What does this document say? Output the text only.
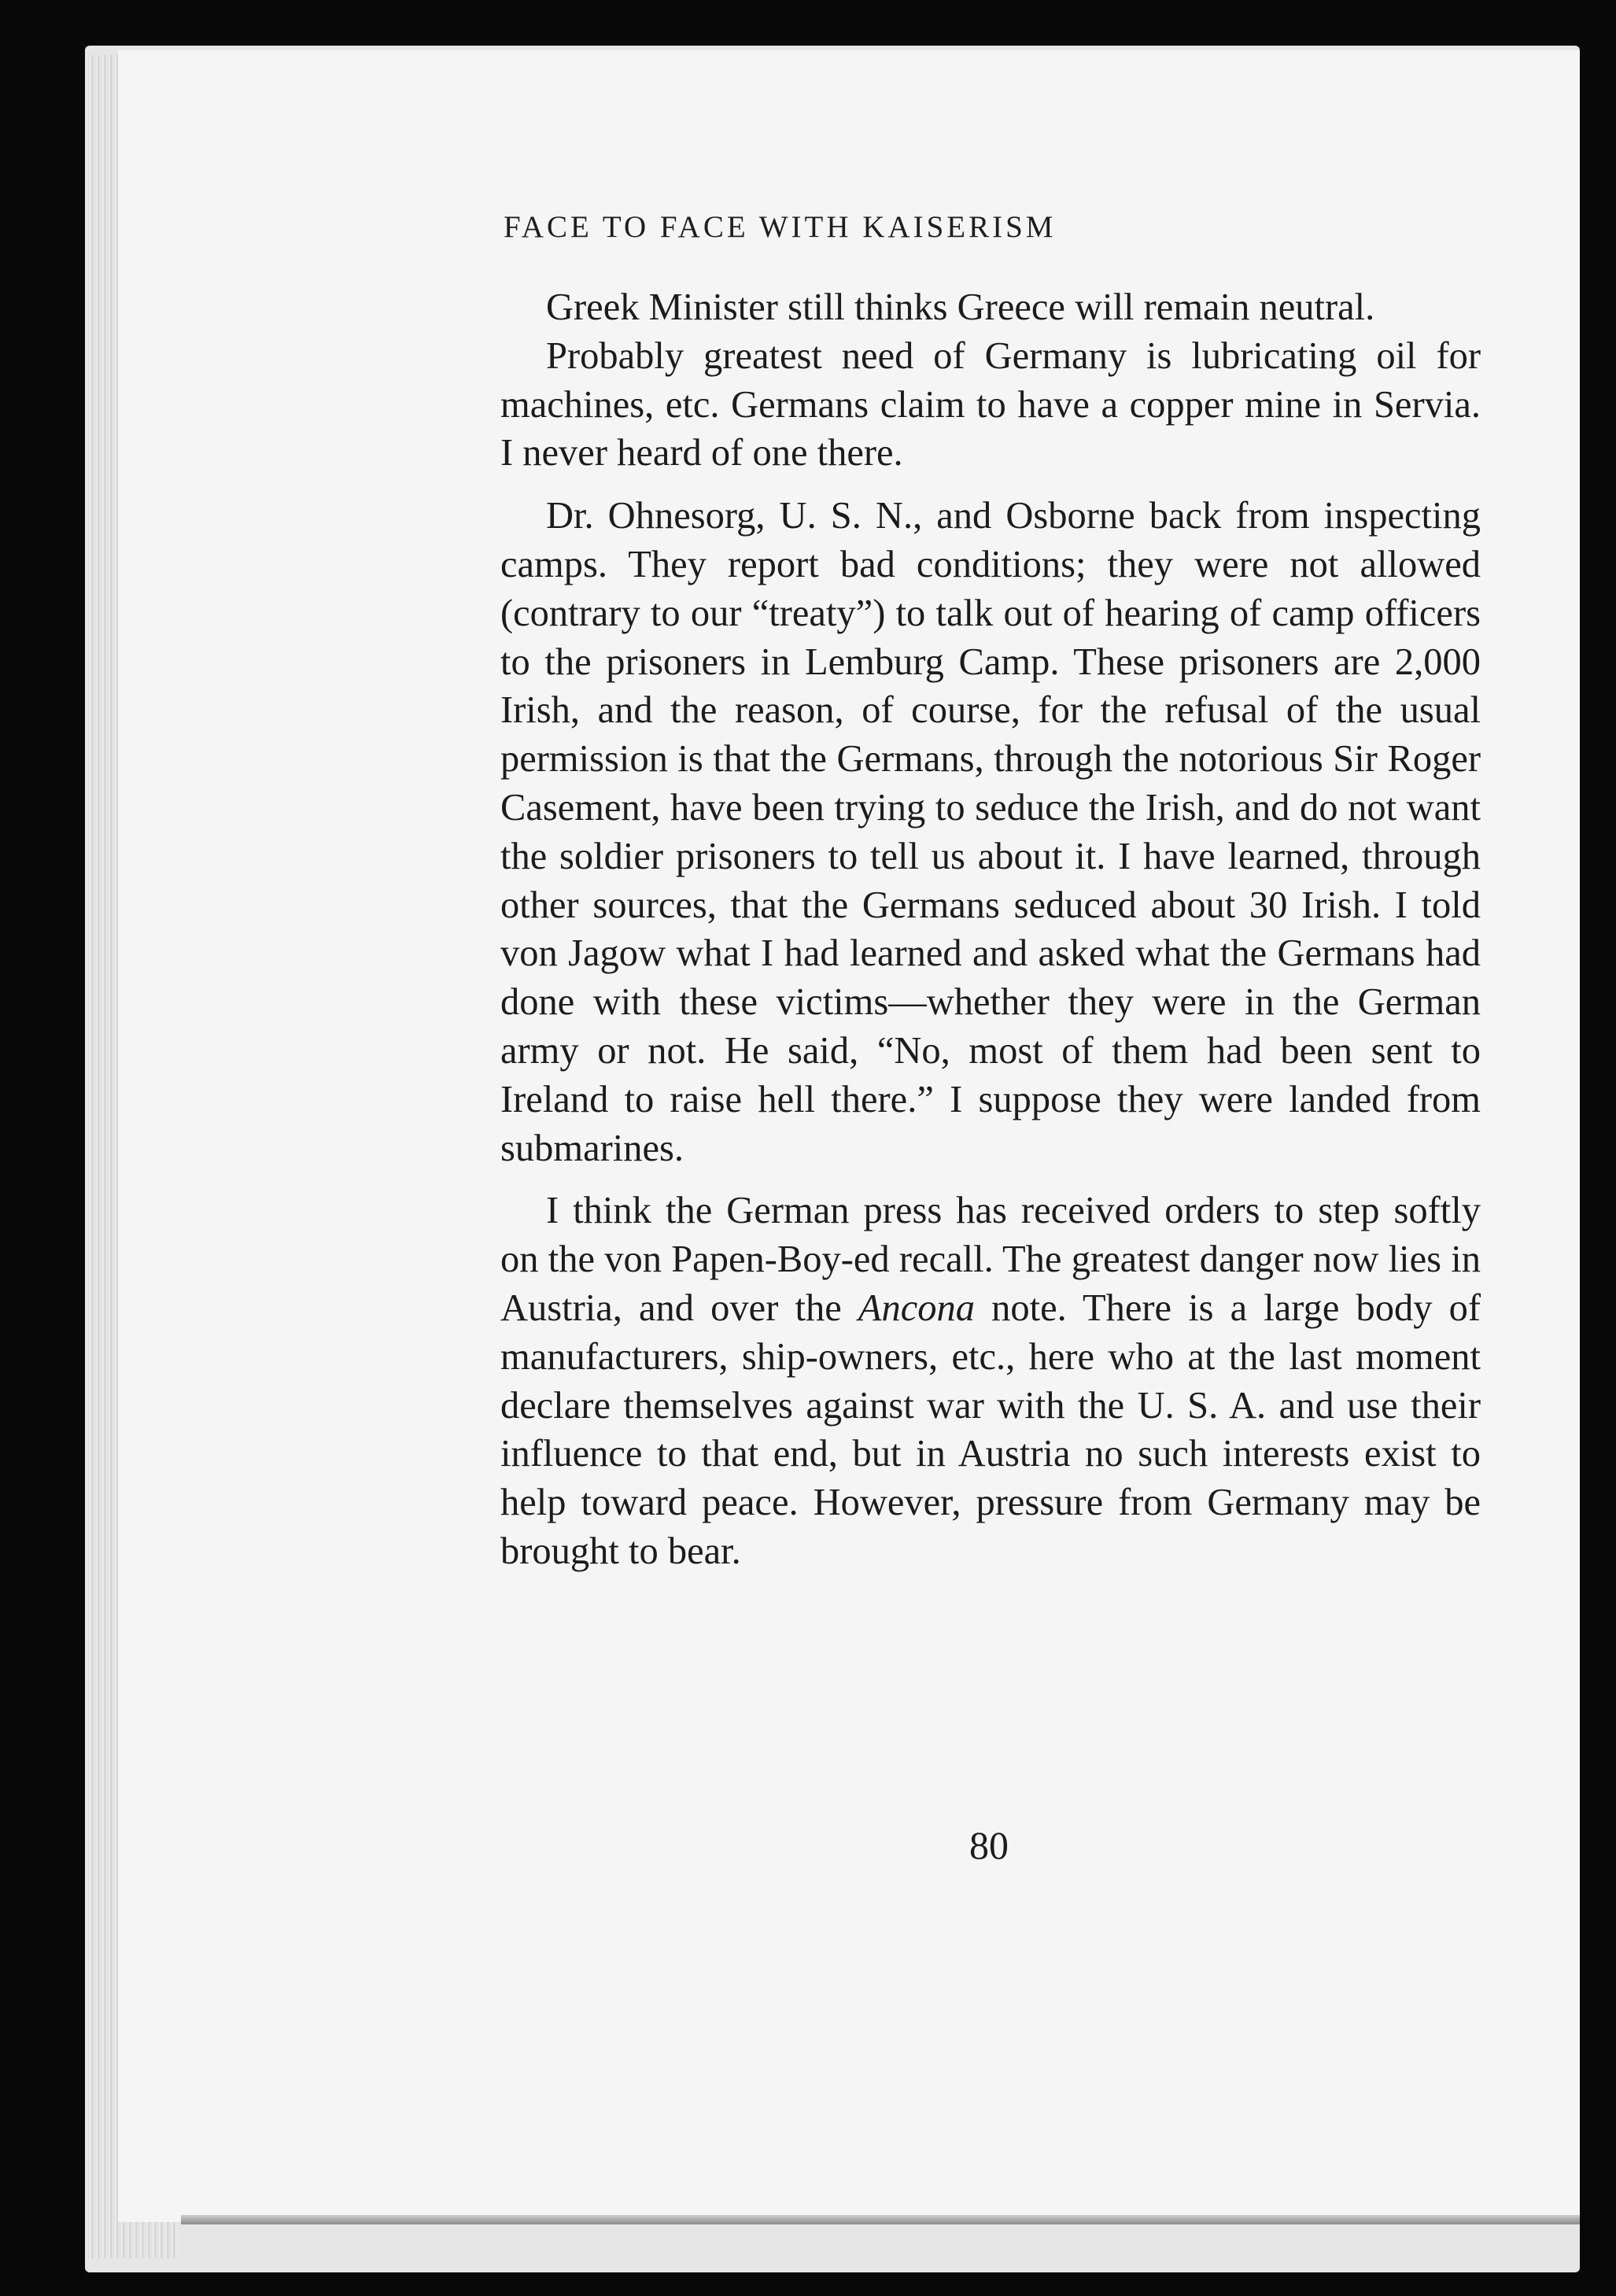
FACE TO FACE WITH KAISERISM

Greek Minister still thinks Greece will remain neutral.

Probably greatest need of Germany is lubricating oil for machines, etc. Germans claim to have a copper mine in Servia. I never heard of one there.

Dr. Ohnesorg, U. S. N., and Osborne back from inspecting camps. They report bad conditions; they were not allowed (contrary to our “treaty”) to talk out of hearing of camp officers to the prisoners in Lemburg Camp. These prisoners are 2,000 Irish, and the reason, of course, for the refusal of the usual permission is that the Germans, through the notorious Sir Roger Casement, have been trying to seduce the Irish, and do not want the soldier prisoners to tell us about it. I have learned, through other sources, that the Germans seduced about 30 Irish. I told von Jagow what I had learned and asked what the Germans had done with these victims—whether they were in the German army or not. He said, “No, most of them had been sent to Ireland to raise hell there.” I suppose they were landed from submarines.

I think the German press has received orders to step softly on the von Papen-Boy-ed recall. The greatest danger now lies in Austria, and over the Ancona note. There is a large body of manufacturers, ship-owners, etc., here who at the last moment declare themselves against war with the U. S. A. and use their influence to that end, but in Austria no such interests exist to help toward peace. However, pressure from Germany may be brought to bear.

80
